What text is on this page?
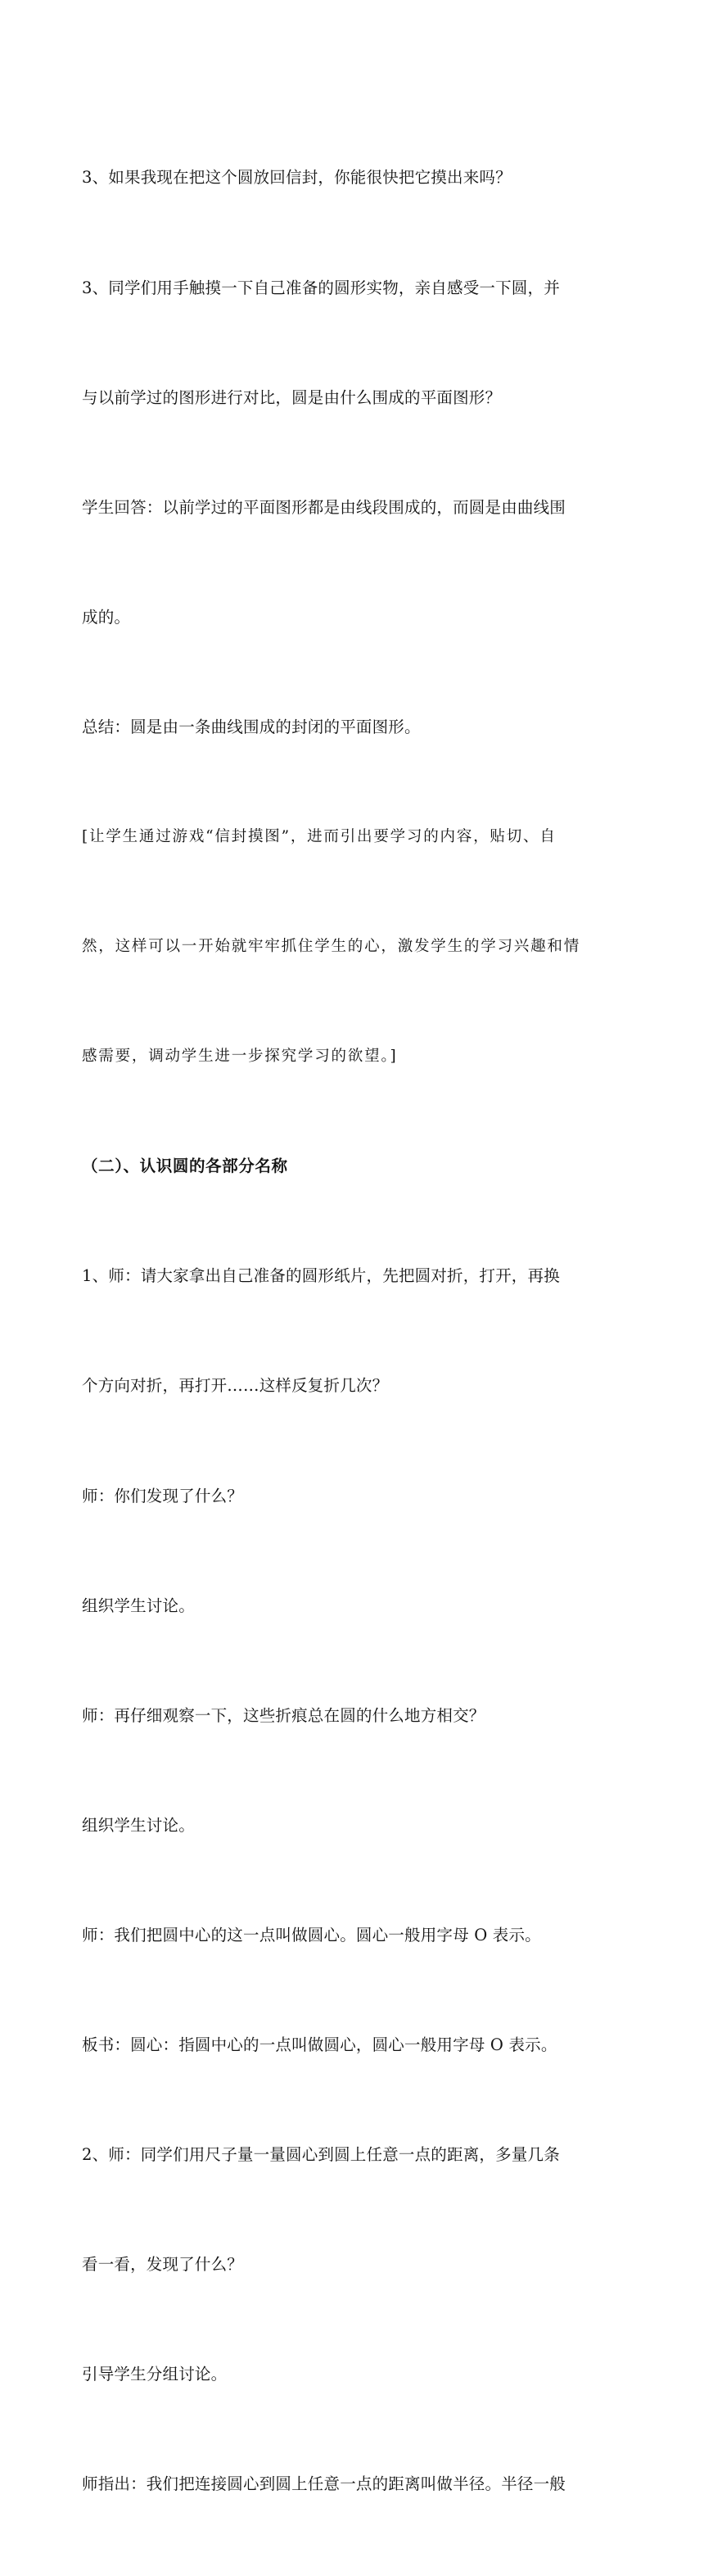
3、如果我现在把这个圆放回信封，你能很快把它摸出来吗？

3、同学们用手触摸一下自己准备的圆形实物，亲自感受一下圆，并

与以前学过的图形进行对比，圆是由什么围成的平面图形？

学生回答：以前学过的平面图形都是由线段围成的，而圆是由曲线围

成的。

总结：圆是由一条曲线围成的封闭的平面图形。

[让学生通过游戏“信封摸图”，进而引出要学习的内容，贴切、自

然，这样可以一开始就牢牢抓住学生的心，激发学生的学习兴趣和情

感需要，调动学生进一步探究学习的欲望。]

（二）、认识圆的各部分名称

1、师：请大家拿出自己准备的圆形纸片，先把圆对折，打开，再换

个方向对折，再打开……这样反复折几次？

师：你们发现了什么？

组织学生讨论。

师：再仔细观察一下，这些折痕总在圆的什么地方相交？

组织学生讨论。

师：我们把圆中心的这一点叫做圆心。圆心一般用字母 O 表示。

板书：圆心：指圆中心的一点叫做圆心，圆心一般用字母 O 表示。

2、师：同学们用尺子量一量圆心到圆上任意一点的距离，多量几条

看一看，发现了什么？

引导学生分组讨论。

师指出：我们把连接圆心到圆上任意一点的距离叫做半径。半径一般
